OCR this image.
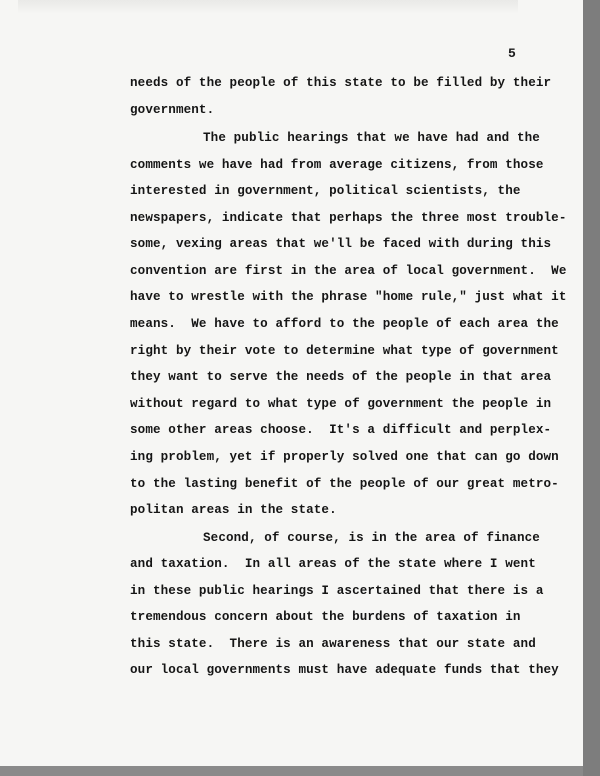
5
needs of the people of this state to be filled by their
government.
The public hearings that we have had and the
comments we have had from average citizens, from those
interested in government, political scientists, the
newspapers, indicate that perhaps the three most trouble-
some, vexing areas that we'll be faced with during this
convention are first in the area of local government.  We
have to wrestle with the phrase "home rule," just what it
means.  We have to afford to the people of each area the
right by their vote to determine what type of government
they want to serve the needs of the people in that area
without regard to what type of government the people in
some other areas choose.  It's a difficult and perplex-
ing problem, yet if properly solved one that can go down
to the lasting benefit of the people of our great metro-
politan areas in the state.
Second, of course, is in the area of finance
and taxation.  In all areas of the state where I went
in these public hearings I ascertained that there is a
tremendous concern about the burdens of taxation in
this state.  There is an awareness that our state and
our local governments must have adequate funds that they
